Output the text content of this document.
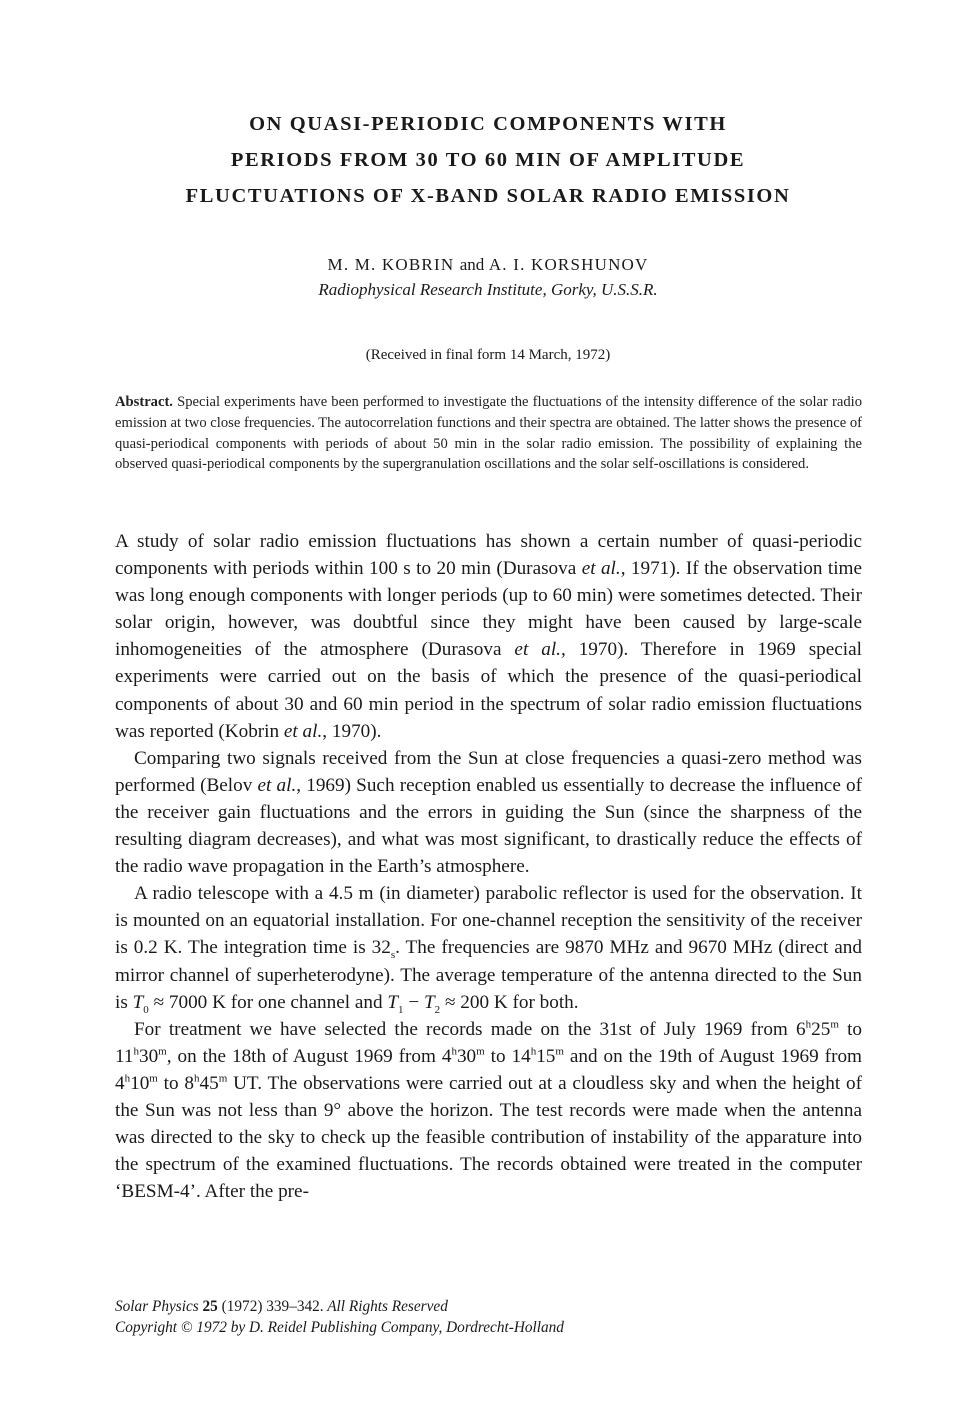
ON QUASI-PERIODIC COMPONENTS WITH
PERIODS FROM 30 TO 60 MIN OF AMPLITUDE
FLUCTUATIONS OF X-BAND SOLAR RADIO EMISSION
M. M. KOBRIN and A. I. KORSHUNOV
Radiophysical Research Institute, Gorky, U.S.S.R.
(Received in final form 14 March, 1972)
Abstract. Special experiments have been performed to investigate the fluctuations of the intensity difference of the solar radio emission at two close frequencies. The autocorrelation functions and their spectra are obtained. The latter shows the presence of quasi-periodical components with periods of about 50 min in the solar radio emission. The possibility of explaining the observed quasi-periodical components by the supergranulation oscillations and the solar self-oscillations is considered.

A study of solar radio emission fluctuations has shown a certain number of quasi-periodic components with periods within 100 s to 20 min (Durasova et al., 1971). If the observation time was long enough components with longer periods (up to 60 min) were sometimes detected. Their solar origin, however, was doubtful since they might have been caused by large-scale inhomogeneities of the atmosphere (Durasova et al., 1970). Therefore in 1969 special experiments were carried out on the basis of which the presence of the quasi-periodical components of about 30 and 60 min period in the spectrum of solar radio emission fluctuations was reported (Kobrin et al., 1970).

Comparing two signals received from the Sun at close frequencies a quasi-zero method was performed (Belov et al., 1969) Such reception enabled us essentially to decrease the influence of the receiver gain fluctuations and the errors in guiding the Sun (since the sharpness of the resulting diagram decreases), and what was most significant, to drastically reduce the effects of the radio wave propagation in the Earth’s atmosphere.

A radio telescope with a 4.5 m (in diameter) parabolic reflector is used for the observation. It is mounted on an equatorial installation. For one-channel reception the sensitivity of the receiver is 0.2 K. The integration time is $32_s$. The frequencies are 9870 MHz and 9670 MHz (direct and mirror channel of superheterodyne). The average temperature of the antenna directed to the Sun is $T_0 \approx 7000$ K for one channel and $T_1 - T_2 \approx 200$ K for both.

For treatment we have selected the records made on the 31st of July 1969 from 6$^h$25$^m$ to 11$^h$30$^m$, on the 18th of August 1969 from 4$^h$30$^m$ to 14$^h$15$^m$ and on the 19th of August 1969 from 4$^h$10$^m$ to 8$^h$45$^m$ UT. The observations were carried out at a cloudless sky and when the height of the Sun was not less than 9° above the horizon. The test records were made when the antenna was directed to the sky to check up the feasible contribution of instability of the apparature into the spectrum of the examined fluctuations. The records obtained were treated in the computer ‘BESM-4’. After the pre-

Solar Physics 25 (1972) 339–342. All Rights Reserved
Copyright © 1972 by D. Reidel Publishing Company, Dordrecht-Holland
